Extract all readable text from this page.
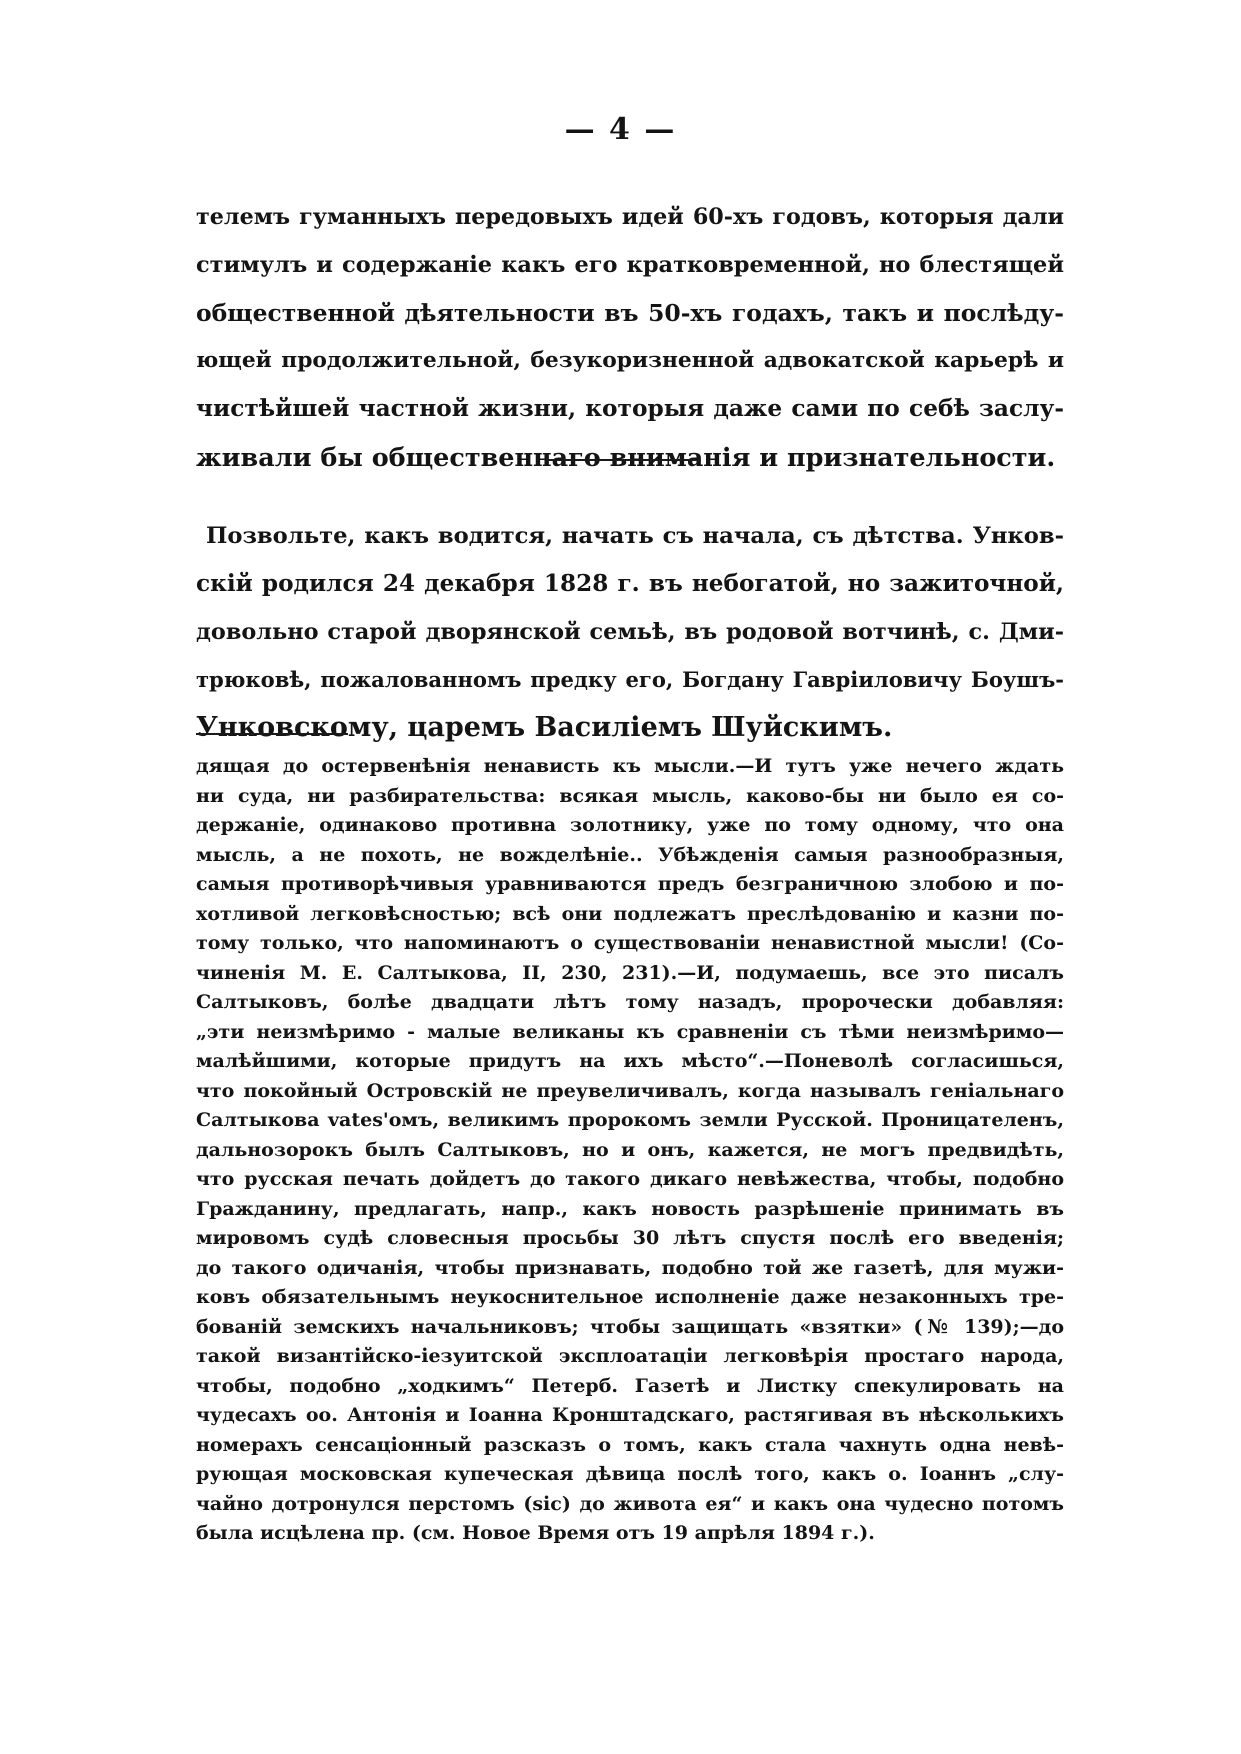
— 4 —
телемъ гуманныхъ передовыхъ идей 60-хъ годовъ, которыя дали
стимулъ и содержаніе какъ его кратковременной, но блестящей
общественной дѣятельности въ 50-хъ годахъ, такъ и послѣду-
ющей продолжительной, безукоризненной адвокатской карьерѣ и
чистѣйшей частной жизни, которыя даже сами по себѣ заслу-
живали бы общественнаго вниманія и признательности.
Позвольте, какъ водится, начать съ начала, съ дѣтства. Унков-
скій родился 24 декабря 1828 г. въ небогатой, но зажиточной,
довольно старой дворянской семьѣ, въ родовой вотчинѣ, с. Дми-
трюковѣ, пожалованномъ предку его, Богдану Гавріиловичу Боушъ-
Унковскому, царемъ Василіемъ Шуйскимъ.
дящая до остервенѣнія ненависть къ мысли.—И тутъ уже нечего ждать
ни суда, ни разбирательства: всякая мысль, каково-бы ни было ея со-
держаніе, одинаково противна золотнику, уже по тому одному, что она
мысль, а не похоть, не вожделѣніе.. Убѣжденія самыя разнообразныя,
самыя противорѣчивыя уравниваются предъ безграничною злобою и по-
хотливой легковѣсностью; всѣ они подлежатъ преслѣдованію и казни по-
тому только, что напоминаютъ о существованіи ненавистной мысли! (Со-
чиненія М. Е. Салтыкова, II, 230, 231).—И, подумаешь, все это писалъ
Салтыковъ, болѣе двадцати лѣтъ тому назадъ, пророчески добавляя:
„эти неизмѣримо - малые великаны къ сравненіи съ тѣми неизмѣримо—
малѣйшими, которые придутъ на ихъ мѣсто“.—Поневолѣ согласишься,
что покойный Островскій не преувеличивалъ, когда называлъ геніальнаго
Салтыкова vates'омъ, великимъ пророкомъ земли Русской. Проницателенъ,
дальнозорокъ былъ Салтыковъ, но и онъ, кажется, не могъ предвидѣть,
что русская печать дойдетъ до такого дикаго невѣжества, чтобы, подобно
Гражданину, предлагать, напр., какъ новость разрѣшеніе принимать въ
мировомъ судѣ словесныя просьбы 30 лѣтъ спустя послѣ его введенія;
до такого одичанія, чтобы признавать, подобно той же газетѣ, для мужи-
ковъ обязательнымъ неукоснительное исполненіе даже незаконныхъ тре-
бованій земскихъ начальниковъ; чтобы защищать «взятки» (№ 139);—до
такой византійско-іезуитской эксплоатаціи легковѣрія простаго народа,
чтобы, подобно „ходкимъ“ Петерб. Газетѣ и Листку спекулировать на
чудесахъ оо. Антонія и Іоанна Кронштадскаго, растягивая въ нѣсколькихъ
номерахъ сенсаціонный разсказъ о томъ, какъ стала чахнуть одна невѣ-
рующая московская купеческая дѣвица послѣ того, какъ о. Іоаннъ „слу-
чайно дотронулся перстомъ (sic) до живота ея“ и какъ она чудесно потомъ
была исцѣлена пр. (см. Новое Время отъ 19 апрѣля 1894 г.).
